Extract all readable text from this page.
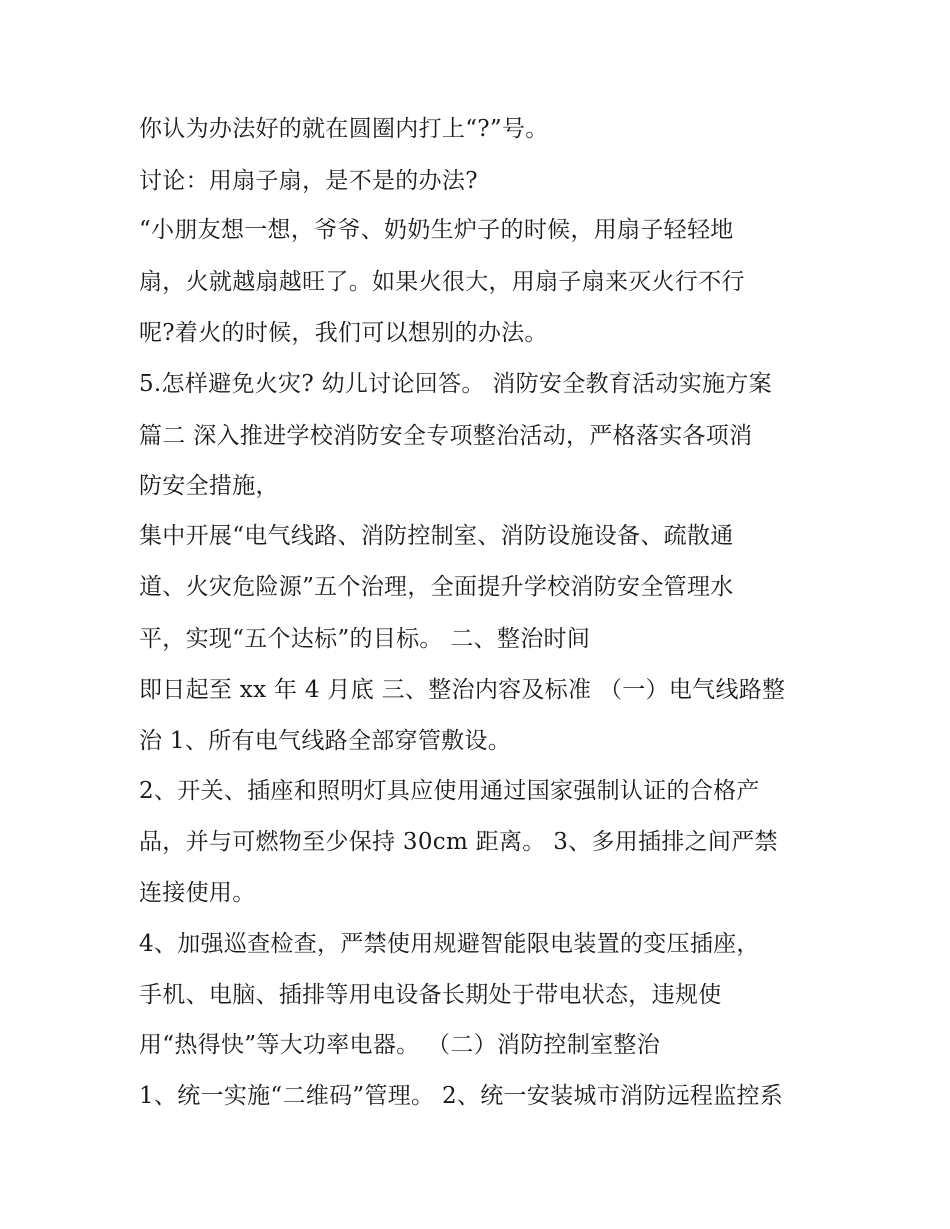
你认为办法好的就在圆圈内打上“?”号。
讨论：用扇子扇，是不是的办法?
“小朋友想一想，爷爷、奶奶生炉子的时候，用扇子轻轻地
扇，火就越扇越旺了。如果火很大，用扇子扇来灭火行不行
呢?着火的时候，我们可以想别的办法。
5.怎样避免火灾? 幼儿讨论回答。 消防安全教育活动实施方案
篇二 深入推进学校消防安全专项整治活动，严格落实各项消
防安全措施，
集中开展“电气线路、消防控制室、消防设施设备、疏散通
道、火灾危险源”五个治理，全面提升学校消防安全管理水
平，实现“五个达标”的目标。 二、整治时间
即日起至 xx 年 4 月底 三、整治内容及标准 （一）电气线路整
治 1、所有电气线路全部穿管敷设。
2、开关、插座和照明灯具应使用通过国家强制认证的合格产
品，并与可燃物至少保持 30cm 距离。 3、多用插排之间严禁
连接使用。
4、加强巡查检查，严禁使用规避智能限电装置的变压插座，
手机、电脑、插排等用电设备长期处于带电状态，违规使
用“热得快”等大功率电器。 （二）消防控制室整治
1、统一实施“二维码”管理。 2、统一安装城市消防远程监控系
